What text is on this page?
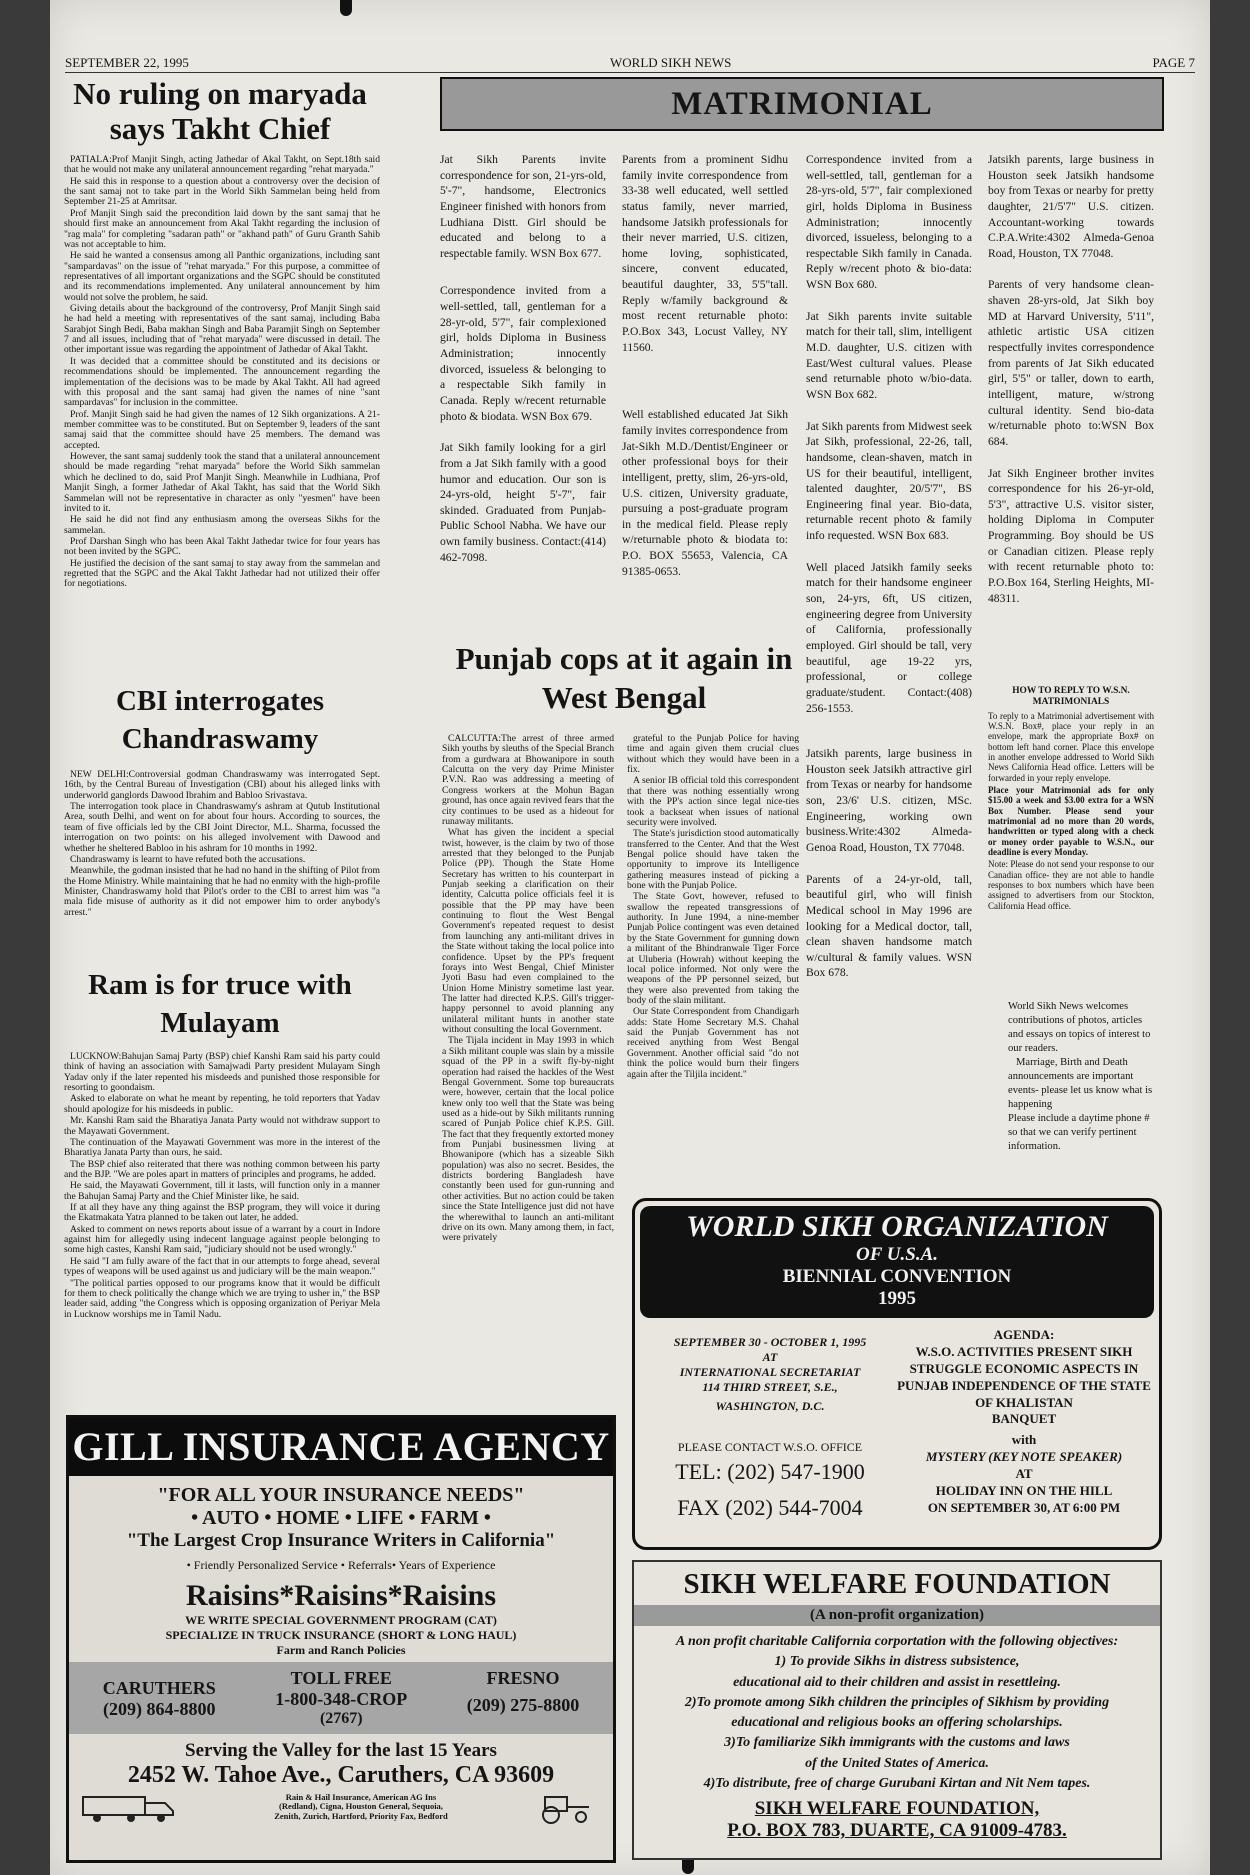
SEPTEMBER 22, 1995	WORLD SIKH NEWS	PAGE 7
No ruling on maryada says Takht Chief

PATIALA:Prof Manjit Singh, acting Jathedar of Akal Takht, on Sept.18th said that he would not make any unilateral announcement regarding "rehat maryada."

He said this in response to a question about a controversy over the decision of the sant samaj not to take part in the World Sikh Sammelan being held from September 21-25 at Amritsar.

Prof Manjit Singh said the precondition laid down by the sant samaj that he should first make an announcement from Akal Takht regarding the inclusion of "rag mala" for completing "sadaran path" or "akhand path" of Guru Granth Sahib was not acceptable to him.

He said he wanted a consensus among all Panthic organizations, including sant "sampardavas" on the issue of "rehat maryada." For this purpose, a committee of representatives of all important organizations and the SGPC should be constituted and its recommendations implemented. Any unilateral announcement by him would not solve the problem, he said.

Giving details about the background of the controversy, Prof Manjit Singh said he had held a meeting with representatives of the sant samaj, including Baba Sarabjot Singh Bedi, Baba makhan Singh and Baba Paramjit Singh on September 7 and all issues, including that of "rehat maryada" were discussed in detail. The other important issue was regarding the appointment of Jathedar of Akal Takht.

It was decided that a committee should be constituted and its decisions or recommendations should be implemented. The announcement regarding the implementation of the decisions was to be made by Akal Takht. All had agreed with this proposal and the sant samaj had given the names of nine "sant sampardavas" for inclusion in the committee.

Prof. Manjit Singh said he had given the names of 12 Sikh organizations. A 21-member committee was to be constituted. But on September 9, leaders of the sant samaj said that the committee should have 25 members. The demand was accepted.

However, the sant samaj suddenly took the stand that a unilateral announcement should be made regarding "rehat maryada" before the World Sikh sammelan which he declined to do, said Prof Manjit Singh. Meanwhile in Ludhiana, Prof Manjit Singh, a former Jathedar of Akal Takht, has said that the World Sikh Sammelan will not be representative in character as only "yesmen" have been invited to it.

He said he did not find any enthusiasm among the overseas Sikhs for the sammelan.

Prof Darshan Singh who has been Akal Takht Jathedar twice for four years has not been invited by the SGPC.

He justified the decision of the sant samaj to stay away from the sammelan and regretted that the SGPC and the Akal Takht Jathedar had not utilized their offer for negotiations.

CBI interrogates Chandraswamy

NEW DELHI:Controversial godman Chandraswamy was interrogated Sept. 16th, by the Central Bureau of Investigation (CBI) about his alleged links with underworld ganglords Dawood Ibrahim and Babloo Srivastava.

The interrogation took place in Chandraswamy's ashram at Qutub Institutional Area, south Delhi, and went on for about four hours. According to sources, the team of five officials led by the CBI Joint Director, M.L. Sharma, focussed the interrogation on two points: on his alleged involvement with Dawood and whether he sheltered Babloo in his ashram for 10 months in 1992.

Chandraswamy is learnt to have refuted both the accusations.

Meanwhile, the godman insisted that he had no hand in the shifting of Pilot from the Home Ministry. While maintaining that he had no enmity with the high-profile Minister, Chandraswamy hold that Pilot's order to the CBI to arrest him was "a mala fide misuse of authority as it did not empower him to order anybody's arrest."

Ram is for truce with Mulayam

LUCKNOW:Bahujan Samaj Party (BSP) chief Kanshi Ram said his party could think of having an association with Samajwadi Party president Mulayam Singh Yadav only if the later repented his misdeeds and punished those responsible for resorting to goondaism.

Asked to elaborate on what he meant by repenting, he told reporters that Yadav should apologize for his misdeeds in public.

Mr. Kanshi Ram said the Bharatiya Janata Party would not withdraw support to the Mayawati Government.

The continuation of the Mayawati Government was more in the interest of the Bharatiya Janata Party than ours, he said.

The BSP chief also reiterated that there was nothing common between his party and the BJP. "We are poles apart in matters of principles and programs, he added.

He said, the Mayawati Government, till it lasts, will function only in a manner the Bahujan Samaj Party and the Chief Minister like, he said.

If at all they have any thing against the BSP program, they will voice it during the Ekatmakata Yatra planned to be taken out later, he added.

Asked to comment on news reports about issue of a warrant by a court in Indore against him for allegedly using indecent language against people belonging to some high castes, Kanshi Ram said, "judiciary should not be used wrongly."

He said "I am fully aware of the fact that in our attempts to forge ahead, several types of weapons will be used against us and judiciary will be the main weapon."

"The political parties opposed to our programs know that it would be difficult for them to check politically the change which we are trying to usher in," the BSP leader said, adding "the Congress which is opposing organization of Periyar Mela in Lucknow worships me in Tamil Nadu.

MATRIMONIAL

Jat Sikh Parents invite correspondence for son, 21-yrs-old, 5'-7", handsome, Electronics Engineer finished with honors from Ludhiana Distt. Girl should be educated and belong to a respectable family. WSN Box 677.

Correspondence invited from a well-settled, tall, gentleman for a 28-yr-old, 5'7", fair complexioned girl, holds Diploma in Business Administration; innocently divorced, issueless & belonging to a respectable Sikh family in Canada. Reply w/recent returnable photo & biodata. WSN Box 679.

Jat Sikh family looking for a girl from a Jat Sikh family with a good humor and education. Our son is 24-yrs-old, height 5'-7", fair skinded. Graduated from Punjab-Public School Nabha. We have our own family business. Contact:(414) 462-7098.

Parents from a prominent Sidhu family invite correspondence from 33-38 well educated, well settled status family, never married, handsome Jatsikh professionals for their never married, U.S. citizen, home loving, sophisticated, sincere, convent educated, beautiful daughter, 33, 5'5"tall. Reply w/family background & most recent returnable photo: P.O.Box 343, Locust Valley, NY 11560.

Well established educated Jat Sikh family invites correspondence from Jat-Sikh M.D./Dentist/Engineer or other professional boys for their intelligent, pretty, slim, 26-yrs-old, U.S. citizen, University graduate, pursuing a post-graduate program in the medical field. Please reply w/returnable photo & biodata to: P.O. BOX 55653, Valencia, CA 91385-0653.

Correspondence invited from a well-settled, tall, gentleman for a 28-yrs-old, 5'7", fair complexioned girl, holds Diploma in Business Administration; innocently divorced, issueless, belonging to a respectable Sikh family in Canada. Reply w/recent photo & bio-data: WSN Box 680.

Jat Sikh parents invite suitable match for their tall, slim, intelligent M.D. daughter, U.S. citizen with East/West cultural values. Please send returnable photo w/bio-data. WSN Box 682.

Jat Sikh parents from Midwest seek Jat Sikh, professional, 22-26, tall, handsome, clean-shaven, match in US for their beautiful, intelligent, talented daughter, 20/5'7", BS Engineering final year. Bio-data, returnable recent photo & family info requested. WSN Box 683.

Well placed Jatsikh family seeks match for their handsome engineer son, 24-yrs, 6ft, US citizen, engineering degree from University of California, professionally employed. Girl should be tall, very beautiful, age 19-22 yrs, professional, or college graduate/student. Contact:(408) 256-1553.

Jatsikh parents, large business in Houston seek Jatsikh attractive girl from Texas or nearby for handsome son, 23/6' U.S. citizen, MSc. Engineering, working own business.Write:4302 Almeda-Genoa Road, Houston, TX 77048.

Parents of a 24-yr-old, tall, beautiful girl, who will finish Medical school in May 1996 are looking for a Medical doctor, tall, clean shaven handsome match w/cultural & family values. WSN Box 678.

Jatsikh parents, large business in Houston seek Jatsikh handsome boy from Texas or nearby for pretty daughter, 21/5'7" U.S. citizen. Accountant-working towards C.P.A.Write:4302 Almeda-Genoa Road, Houston, TX 77048.

Parents of very handsome clean-shaven 28-yrs-old, Jat Sikh boy MD at Harvard University, 5'11", athletic artistic USA citizen respectfully invites correspondence from parents of Jat Sikh educated girl, 5'5" or taller, down to earth, intelligent, mature, w/strong cultural identity. Send bio-data w/returnable photo to:WSN Box 684.

Jat Sikh Engineer brother invites correspondence for his 26-yr-old, 5'3", attractive U.S. visitor sister, holding Diploma in Computer Programming. Boy should be US or Canadian citizen. Please reply with recent returnable photo to: P.O.Box 164, Sterling Heights, MI-48311.

HOW TO REPLY TO W.S.N. MATRIMONIALS

To reply to a Matrimonial advertisement with W.S.N. Box#, place your reply in an envelope, mark the appropriate Box# on bottom left hand corner. Place this envelope in another envelope addressed to World Sikh News California Head office. Letters will be forwarded in your reply envelope.

Place your Matrimonial ads for only $15.00 a week and $3.00 extra for a WSN Box Number. Please send your matrimonial ad no more than 20 words, handwritten or typed along with a check or money order payable to W.S.N., our deadline is every Monday.

Note: Please do not send your response to our Canadian office- they are not able to handle responses to box numbers which have been assigned to advertisers from our Stockton, California Head office.

World Sikh News welcomes contributions of photos, articles and essays on topics of interest to our readers.

Marriage, Birth and Death announcements are important events- please let us know what is happening

Please include a daytime phone # so that we can verify pertinent information.

Punjab cops at it again in West Bengal

CALCUTTA:The arrest of three armed Sikh youths by sleuths of the Special Branch from a gurdwara at Bhowanipore in south Calcutta on the very day Prime Minister P.V.N. Rao was addressing a meeting of Congress workers at the Mohun Bagan ground, has once again revived fears that the city continues to be used as a hideout for runaway militants.

What has given the incident a special twist, however, is the claim by two of those arrested that they belonged to the Punjab Police (PP). Though the State Home Secretary has written to his counterpart in Punjab seeking a clarification on their identity, Calcutta police officials feel it is possible that the PP may have been continuing to flout the West Bengal Government's repeated request to desist from launching any anti-militant drives in the State without taking the local police into confidence. Upset by the PP's frequent forays into West Bengal, Chief Minister Jyoti Basu had even complained to the Union Home Ministry sometime last year. The latter had directed K.P.S. Gill's trigger-happy personnel to avoid planning any unilateral militant hunts in another state without consulting the local Government.

The Tijala incident in May 1993 in which a Sikh militant couple was slain by a missile squad of the PP in a swift fly-by-night operation had raised the hackles of the West Bengal Government. Some top bureaucrats were, however, certain that the local police knew only too well that the State was being used as a hide-out by Sikh militants running scared of Punjab Police chief K.P.S. Gill. The fact that they frequently extorted money from Punjabi businessmen living at Bhowanipore (which has a sizeable Sikh population) was also no secret. Besides, the districts bordering Bangladesh have constantly been used for gun-running and other activities. But no action could be taken since the State Intelligence just did not have the wherewithal to launch an anti-militant drive on its own. Many among them, in fact, were privately

grateful to the Punjab Police for having time and again given them crucial clues without which they would have been in a fix.

A senior IB official told this correspondent that there was nothing essentially wrong with the PP's action since legal nice-ties took a backseat when issues of national security were involved.

The State's jurisdiction stood automatically transferred to the Center. And that the West Bengal police should have taken the opportunity to improve its Intelligence gathering measures instead of picking a bone with the Punjab Police.

The State Govt, however, refused to swallow the repeated transgressions of authority. In June 1994, a nine-member Punjab Police contingent was even detained by the State Government for gunning down a militant of the Bhindranwale Tiger Force at Uluberia (Howrah) without keeping the local police informed. Not only were the weapons of the PP personnel seized, but they were also prevented from taking the body of the slain militant.

Our State Correspondent from Chandigarh adds: State Home Secretary M.S. Chahal said the Punjab Government has not received anything from West Bengal Government. Another official said "do not think the police would burn their fingers again after the Tiljila incident."

GILL INSURANCE AGENCY
"FOR ALL YOUR INSURANCE NEEDS"
• AUTO • HOME • LIFE • FARM •
"The Largest Crop Insurance Writers in California"
• Friendly Personalized Service • Referrals• Years of Experience
Raisins*Raisins*Raisins
WE WRITE SPECIAL GOVERNMENT PROGRAM (CAT)
SPECIALIZE IN TRUCK INSURANCE (SHORT & LONG HAUL)
Farm and Ranch Policies
CARUTHERS
(209) 864-8800
TOLL FREE
1-800-348-CROP
(2767)
FRESNO
(209) 275-8800
Serving the Valley for the last 15 Years
2452 W. Tahoe Ave., Caruthers, CA 93609
Rain & Hail Insurance, American AG Ins (Redland), Cigna, Houston General, Sequoia, Zenith, Zurich, Hartford, Priority Fax, Bedford
WORLD SIKH ORGANIZATION
OF U.S.A.
BIENNIAL CONVENTION
1995
SEPTEMBER 30 - OCTOBER 1, 1995
AT
INTERNATIONAL SECRETARIAT
114 THIRD STREET, S.E.,
WASHINGTON, D.C.
PLEASE CONTACT W.S.O. OFFICE
TEL: (202) 547-1900
FAX (202) 544-7004
AGENDA:
W.S.O. ACTIVITIES PRESENT SIKH STRUGGLE ECONOMIC ASPECTS IN PUNJAB INDEPENDENCE OF THE STATE OF KHALISTAN
BANQUET
with
MYSTERY (KEY NOTE SPEAKER)
AT
HOLIDAY INN ON THE HILL
ON SEPTEMBER 30, AT 6:00 PM
SIKH WELFARE FOUNDATION
(A non-profit organization)
A non profit charitable California corportation with the following objectives:
1) To provide Sikhs in distress subsistence,
educational aid to their children and assist in resettleing.
2)To promote among Sikh children the principles of Sikhism by providing
educational and religious books an offering scholarships.
3)To familiarize Sikh immigrants with the customs and laws
of the United States of America.
4)To distribute, free of charge Gurubani Kirtan and Nit Nem tapes.
SIKH WELFARE FOUNDATION,
P.O. BOX 783, DUARTE, CA 91009-4783.
